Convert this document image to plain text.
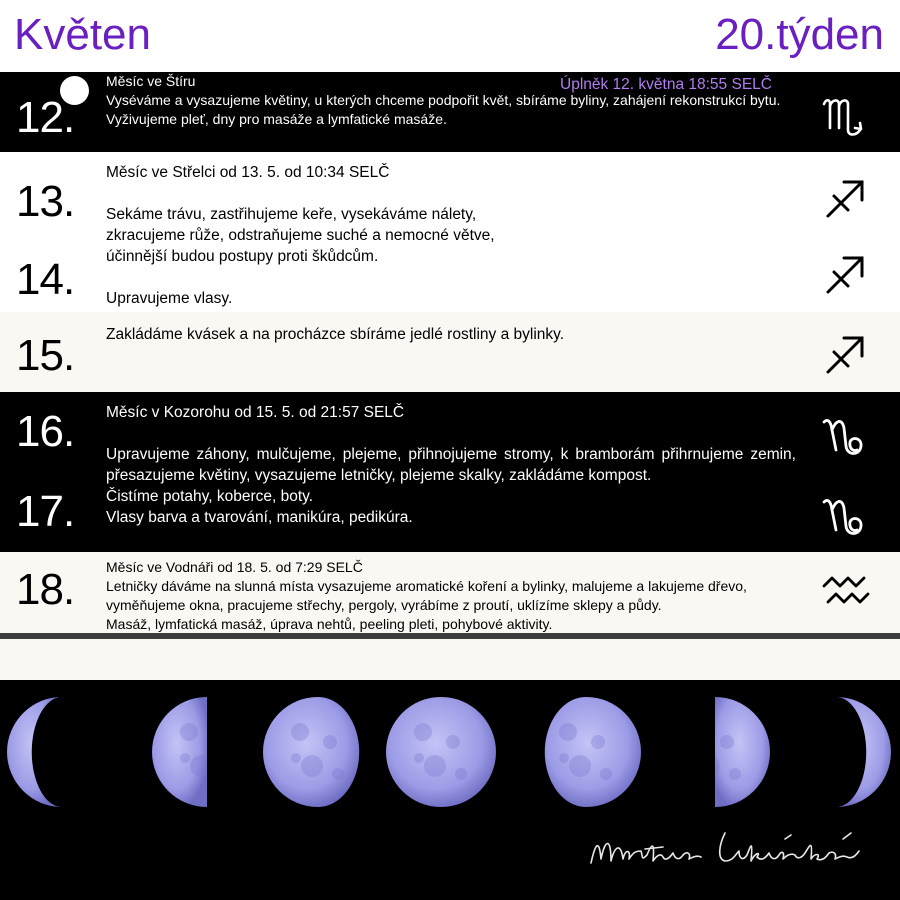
Květen	20.týden
12.
Úplněk 12. května 18:55 SELČ
Měsíc ve Štíru
Vyséváme a vysazujeme květiny, u kterých chceme podpořit květ, sbíráme byliny, zahájení rekonstrukcí bytu.
Vyživujeme pleť, dny pro masáže a lymfatické masáže.
13.
14.
Měsíc ve Střelci od 13. 5. od 10:34 SELČ
Sekáme trávu, zastřihujeme keře, vysekáváme nálety,
zkracujeme růže, odstraňujeme suché a nemocné větve,
účinnější budou postupy proti škůdcům.
Upravujeme vlasy.
15. Zakládáme kvásek a na procházce sbíráme jedlé rostliny a bylinky.
16.
17.
Měsíc v Kozorohu od 15. 5. od 21:57 SELČ
Upravujeme záhony, mulčujeme, plejeme, přihnojujeme stromy, k bramborám přihrnujeme zemin, přesazujeme květiny, vysazujeme letničky, plejeme skalky, zakládáme kompost.
Čistíme potahy, koberce, boty.
Vlasy barva a tvarování, manikúra, pedikúra.
18. Měsíc ve Vodnáři od 18. 5. od 7:29 SELČ
Letničky dáváme na slunná místa vysazujeme aromatické koření a bylinky, malujeme a lakujeme dřevo, vyměňujeme okna, pracujeme střechy, pergoly, vyrábíme z proutí, uklízíme sklepy a půdy.
Masáž, lymfatická masáž, úprava nehtů, peeling pleti, pohybové aktivity.
